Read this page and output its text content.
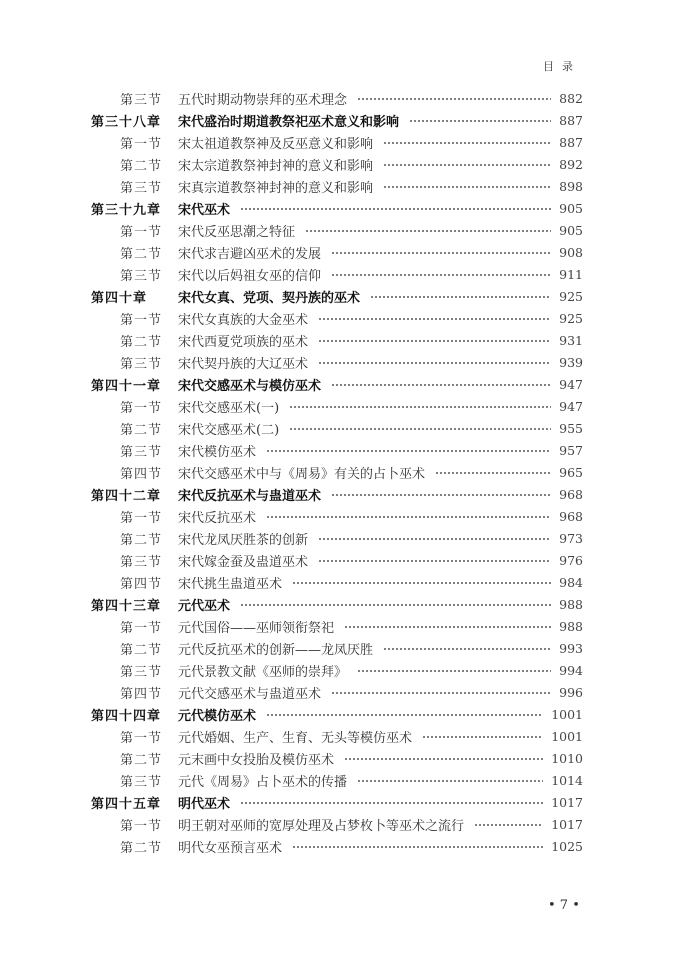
目录
第三节	五代时期动物崇拜的巫术理念	882
第三十八章	宋代盛治时期道教祭祀巫术意义和影响	887
第一节	宋太祖道教祭神及反巫意义和影响	887
第二节	宋太宗道教祭神封神的意义和影响	892
第三节	宋真宗道教祭神封神的意义和影响	898
第三十九章	宋代巫术	905
第一节	宋代反巫思潮之特征	905
第二节	宋代求吉避凶巫术的发展	908
第三节	宋代以后妈祖女巫的信仰	911
第四十章	宋代女真、党项、契丹族的巫术	925
第一节	宋代女真族的大金巫术	925
第二节	宋代西夏党项族的巫术	931
第三节	宋代契丹族的大辽巫术	939
第四十一章	宋代交感巫术与模仿巫术	947
第一节	宋代交感巫术(一)	947
第二节	宋代交感巫术(二)	955
第三节	宋代模仿巫术	957
第四节	宋代交感巫术中与《周易》有关的占卜巫术	965
第四十二章	宋代反抗巫术与蛊道巫术	968
第一节	宋代反抗巫术	968
第二节	宋代龙凤厌胜茶的创新	973
第三节	宋代嫁金蚕及蛊道巫术	976
第四节	宋代挑生蛊道巫术	984
第四十三章	元代巫术	988
第一节	元代国俗——巫师领衔祭祀	988
第二节	元代反抗巫术的创新——龙凤厌胜	993
第三节	元代景教文献《巫师的崇拜》	994
第四节	元代交感巫术与蛊道巫术	996
第四十四章	元代模仿巫术	1001
第一节	元代婚姻、生产、生育、无头等模仿巫术	1001
第二节	元末画中女投胎及模仿巫术	1010
第三节	元代《周易》占卜巫术的传播	1014
第四十五章	明代巫术	1017
第一节	明王朝对巫师的宽厚处理及占梦枚卜等巫术之流行	1017
第二节	明代女巫预言巫术	1025
• 7 •
